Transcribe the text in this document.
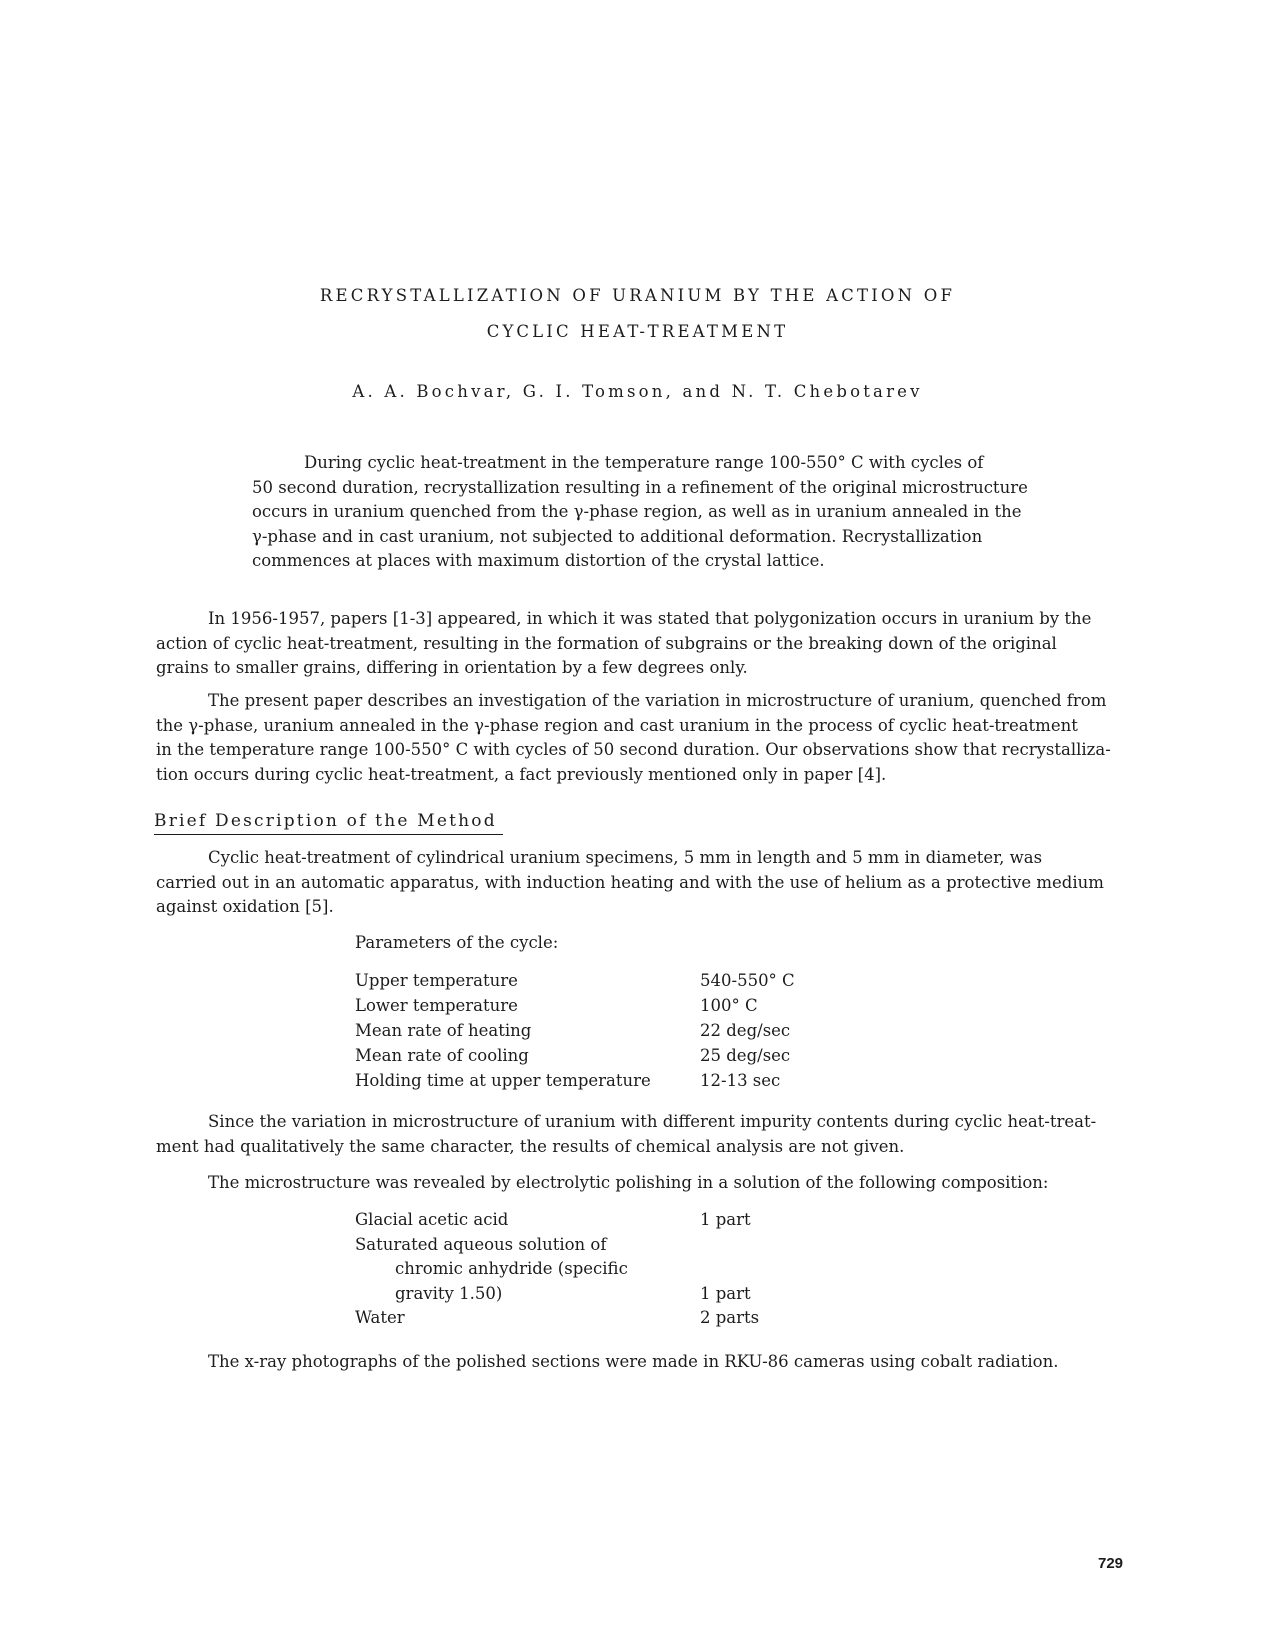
RECRYSTALLIZATION OF URANIUM BY THE ACTION OF
CYCLIC HEAT-TREATMENT
A. A. Bochvar, G. I. Tomson, and N. T. Chebotarev
During cyclic heat-treatment in the temperature range 100-550° C with cycles of
50 second duration, recrystallization resulting in a refinement of the original microstructure
occurs in uranium quenched from the γ-phase region, as well as in uranium annealed in the
γ-phase and in cast uranium, not subjected to additional deformation. Recrystallization
commences at places with maximum distortion of the crystal lattice.
In 1956-1957, papers [1-3] appeared, in which it was stated that polygonization occurs in uranium by the
action of cyclic heat-treatment, resulting in the formation of subgrains or the breaking down of the original
grains to smaller grains, differing in orientation by a few degrees only.
The present paper describes an investigation of the variation in microstructure of uranium, quenched from
the γ-phase, uranium annealed in the γ-phase region and cast uranium in the process of cyclic heat-treatment
in the temperature range 100-550° C with cycles of 50 second duration. Our observations show that recrystalliza-
tion occurs during cyclic heat-treatment, a fact previously mentioned only in paper [4].
Brief Description of the Method
Cyclic heat-treatment of cylindrical uranium specimens, 5 mm in length and 5 mm in diameter, was
carried out in an automatic apparatus, with induction heating and with the use of helium as a protective medium
against oxidation [5].
Parameters of the cycle:
Upper temperature	540-550° C
Lower temperature	100° C
Mean rate of heating	22 deg/sec
Mean rate of cooling	25 deg/sec
Holding time at upper temperature	12-13 sec
Since the variation in microstructure of uranium with different impurity contents during cyclic heat-treat-
ment had qualitatively the same character, the results of chemical analysis are not given.
The microstructure was revealed by electrolytic polishing in a solution of the following composition:
Glacial acetic acid	1 part
Saturated aqueous solution of
chromic anhydride (specific
gravity 1.50)	1 part
Water	2 parts
The x-ray photographs of the polished sections were made in RKU-86 cameras using cobalt radiation.
729
